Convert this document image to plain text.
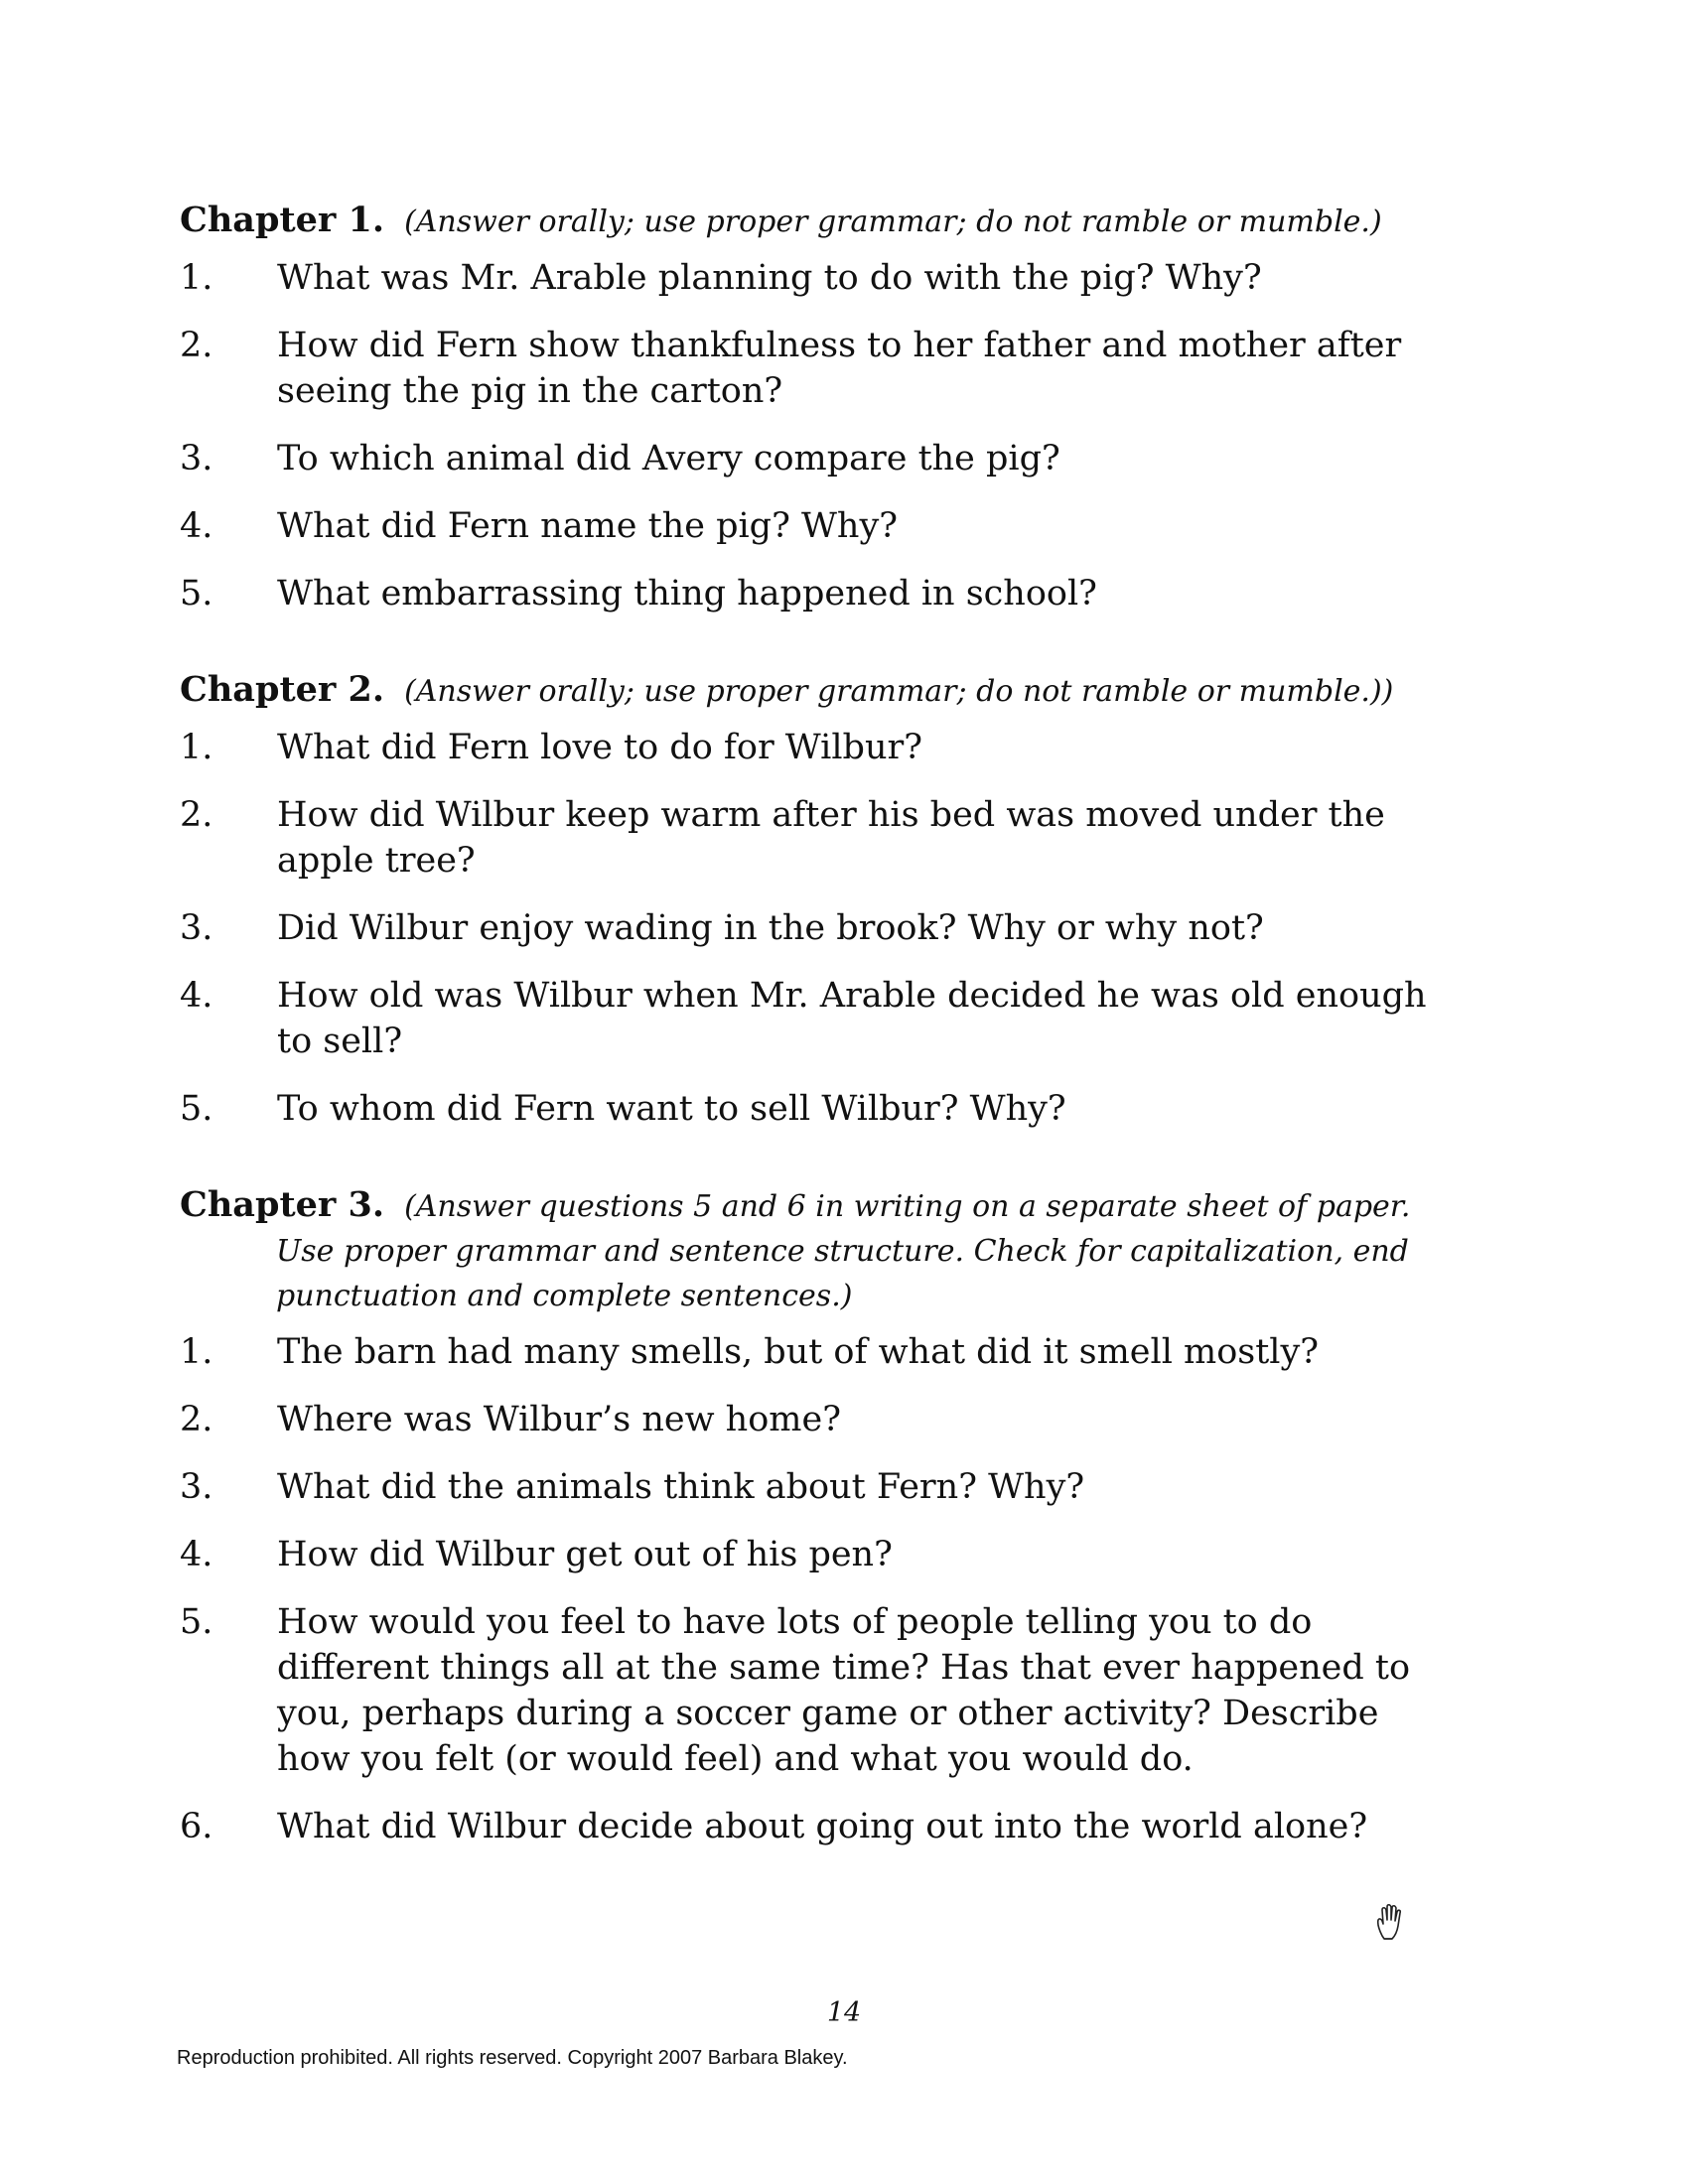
Chapter 1. (Answer orally; use proper grammar; do not ramble or mumble.)
1.	What was Mr. Arable planning to do with the pig? Why?
2.	How did Fern show thankfulness to her father and mother after seeing the pig in the carton?
3.	To which animal did Avery compare the pig?
4.	What did Fern name the pig? Why?
5.	What embarrassing thing happened in school?
Chapter 2. (Answer orally; use proper grammar; do not ramble or mumble.))
1.	What did Fern love to do for Wilbur?
2.	How did Wilbur keep warm after his bed was moved under the apple tree?
3.	Did Wilbur enjoy wading in the brook? Why or why not?
4.	How old was Wilbur when Mr. Arable decided he was old enough to sell?
5.	To whom did Fern want to sell Wilbur? Why?
Chapter 3. (Answer questions 5 and 6 in writing on a separate sheet of paper. Use proper grammar and sentence structure. Check for capitalization, end punctuation and complete sentences.)
1.	The barn had many smells, but of what did it smell mostly?
2.	Where was Wilbur’s new home?
3.	What did the animals think about Fern? Why?
4.	How did Wilbur get out of his pen?
5.	How would you feel to have lots of people telling you to do different things all at the same time? Has that ever happened to you, perhaps during a soccer game or other activity? Describe how you felt (or would feel) and what you would do.
6.	What did Wilbur decide about going out into the world alone?
14
Reproduction prohibited. All rights reserved. Copyright 2007 Barbara Blakey.
